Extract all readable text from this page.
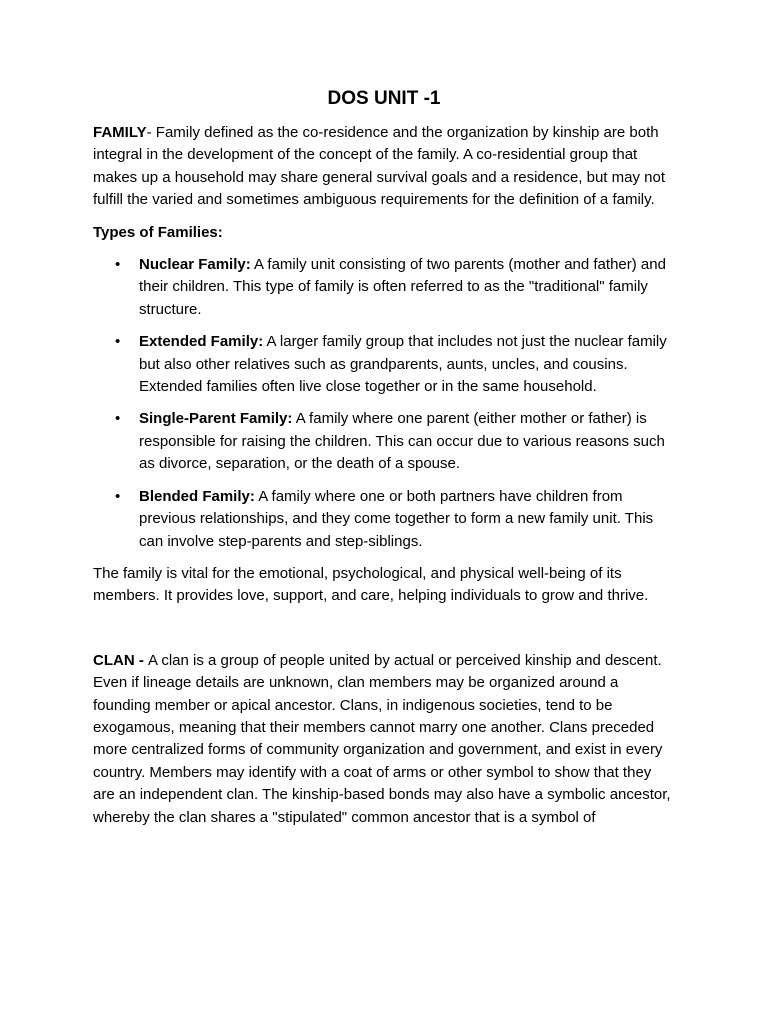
DOS UNIT -1

FAMILY- Family defined as the co-residence and the organization by kinship are both integral in the development of the concept of the family. A co-residential group that makes up a household may share general survival goals and a residence, but may not fulfill the varied and sometimes ambiguous requirements for the definition of a family.

Types of Families:

• Nuclear Family: A family unit consisting of two parents (mother and father) and their children. This type of family is often referred to as the "traditional" family structure.
• Extended Family: A larger family group that includes not just the nuclear family but also other relatives such as grandparents, aunts, uncles, and cousins. Extended families often live close together or in the same household.
• Single-Parent Family: A family where one parent (either mother or father) is responsible for raising the children. This can occur due to various reasons such as divorce, separation, or the death of a spouse.
• Blended Family: A family where one or both partners have children from previous relationships, and they come together to form a new family unit. This can involve step-parents and step-siblings.

The family is vital for the emotional, psychological, and physical well-being of its members. It provides love, support, and care, helping individuals to grow and thrive.

CLAN - A clan is a group of people united by actual or perceived kinship and descent. Even if lineage details are unknown, clan members may be organized around a founding member or apical ancestor. Clans, in indigenous societies, tend to be exogamous, meaning that their members cannot marry one another. Clans preceded more centralized forms of community organization and government, and exist in every country. Members may identify with a coat of arms or other symbol to show that they are an independent clan. The kinship-based bonds may also have a symbolic ancestor, whereby the clan shares a "stipulated" common ancestor that is a symbol of
